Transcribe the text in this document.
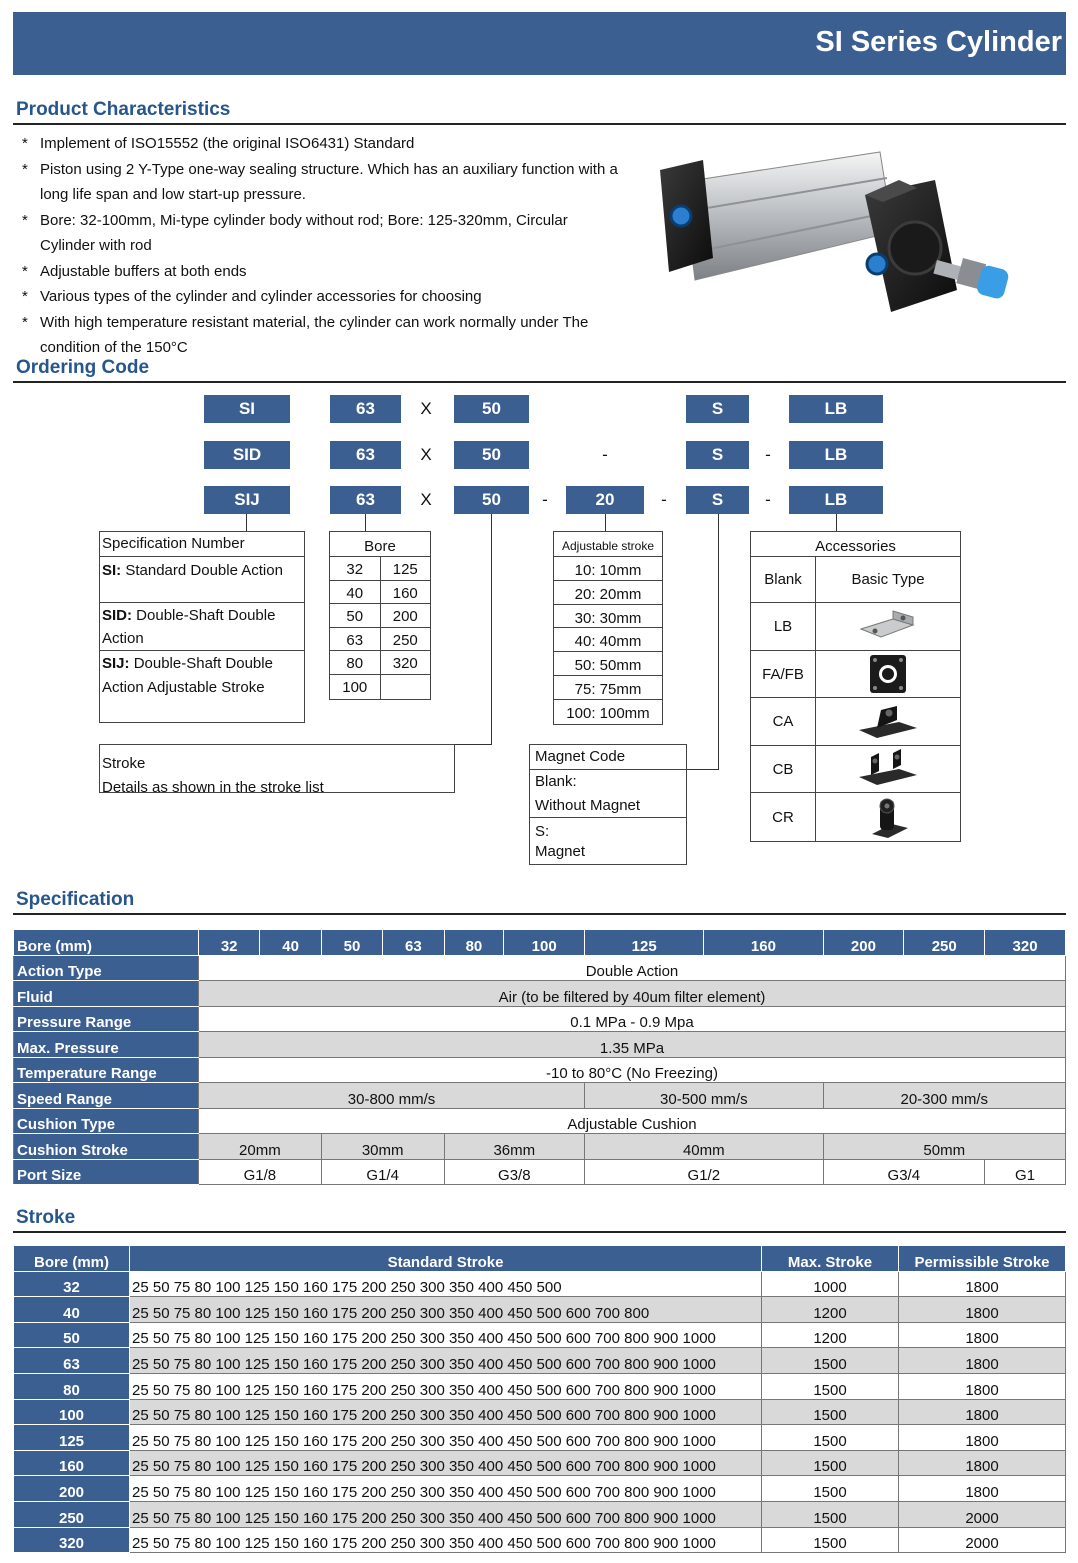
SI Series Cylinder
Product Characteristics
* Implement of ISO15552 (the original ISO6431) Standard
* Piston using 2 Y-Type one-way sealing structure. Which has an auxiliary function with a long life span and low start-up pressure.
* Bore: 32-100mm, Mi-type cylinder body without rod; Bore: 125-320mm, Circular Cylinder with rod
* Adjustable buffers at both ends
* Various types of the cylinder and cylinder accessories for choosing
* With high temperature resistant material, the cylinder can work normally under The condition of the 150°C
Ordering Code
SI	63	X	50	S	LB
SID	63	X	50	-	S	-	LB
SIJ	63	X	50	-	20	-	S	-	LB
Specification Number
SI: Standard Double Action
SID: Double-Shaft Double Action
SIJ: Double-Shaft Double Action Adjustable Stroke
Bore
32	125
40	160
50	200
63	250
80	320
100
Adjustable stroke
10: 10mm
20: 20mm
30: 30mm
40: 40mm
50: 50mm
75: 75mm
100: 100mm
Stroke
Details as shown in the stroke list
Magnet Code
Blank:
Without Magnet
S:
Magnet
Accessories
Blank	Basic Type
LB
FA/FB
CA
CB
CR
Specification
Bore (mm)	32	40	50	63	80	100	125	160	200	250	320
Action Type	Double Action										
Fluid	Air (to be filtered by 40um filter element)										
Pressure Range	0.1 MPa - 0.9 Mpa										
Max. Pressure	1.35 MPa										
Temperature Range	-10 to 80°C (No Freezing)										
Speed Range	30-800 mm/s						30-500 mm/s		20-300 mm/s		
Cushion Type	Adjustable Cushion										
Cushion Stroke	20mm		30mm		36mm		40mm		50mm		
Port Size	G1/8		G1/4		G3/8		G1/2		G3/4		G1
Stroke
Bore (mm)	Standard Stroke	Max. Stroke	Permissible Stroke
32	25 50 75 80 100 125 150 160 175 200 250 300 350 400 450 500	1000	1800
40	25 50 75 80 100 125 150 160 175 200 250 300 350 400 450 500 600 700 800	1200	1800
50	25 50 75 80 100 125 150 160 175 200 250 300 350 400 450 500 600 700 800 900 1000	1200	1800
63	25 50 75 80 100 125 150 160 175 200 250 300 350 400 450 500 600 700 800 900 1000	1500	1800
80	25 50 75 80 100 125 150 160 175 200 250 300 350 400 450 500 600 700 800 900 1000	1500	1800
100	25 50 75 80 100 125 150 160 175 200 250 300 350 400 450 500 600 700 800 900 1000	1500	1800
125	25 50 75 80 100 125 150 160 175 200 250 300 350 400 450 500 600 700 800 900 1000	1500	1800
160	25 50 75 80 100 125 150 160 175 200 250 300 350 400 450 500 600 700 800 900 1000	1500	1800
200	25 50 75 80 100 125 150 160 175 200 250 300 350 400 450 500 600 700 800 900 1000	1500	1800
250	25 50 75 80 100 125 150 160 175 200 250 300 350 400 450 500 600 700 800 900 1000	1500	2000
320	25 50 75 80 100 125 150 160 175 200 250 300 350 400 450 500 600 700 800 900 1000	1500	2000
